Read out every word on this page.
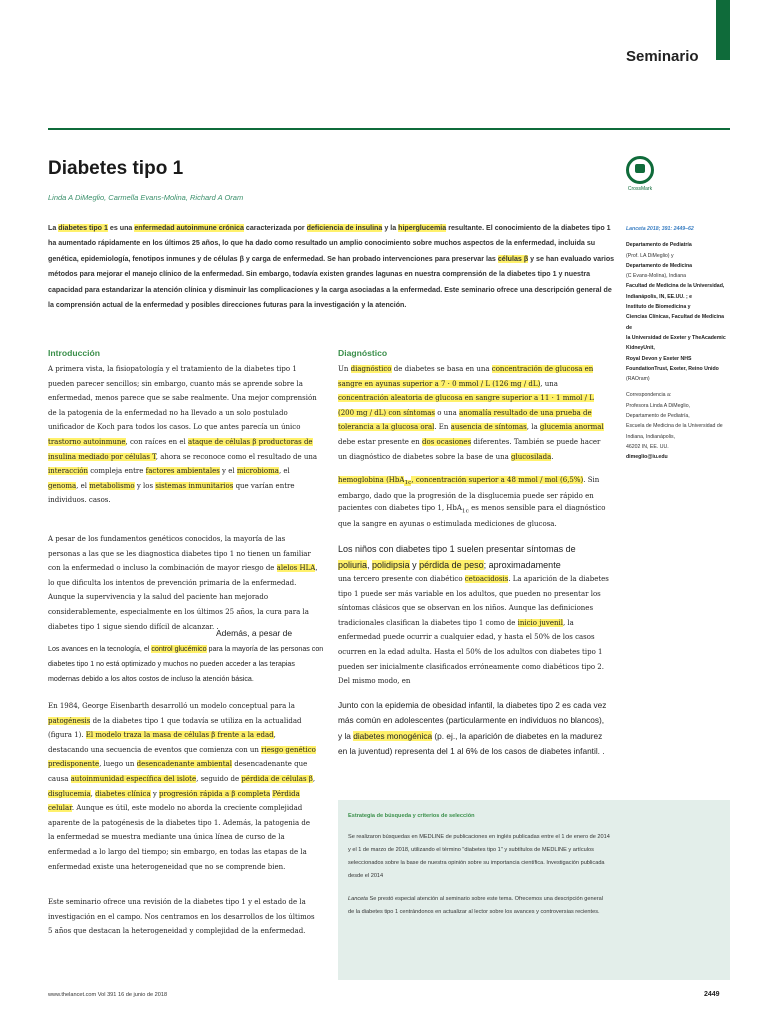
Seminario
Diabetes tipo 1
Linda A DiMeglio, Carmella Evans-Molina, Richard A Oram
CrossMark
La diabetes tipo 1 es una enfermedad autoinmune crónica caracterizada por deficiencia de insulina y la hiperglucemia resultante. El conocimiento de la diabetes tipo 1 ha aumentado rápidamente en los últimos 25 años, lo que ha dado como resultado un amplio conocimiento sobre muchos aspectos de la enfermedad, incluida su genética, epidemiología, fenotipos inmunes y de células β y carga de enfermedad. Se han probado intervenciones para preservar las células β y se han evaluado varios métodos para mejorar el manejo clínico de la enfermedad. Sin embargo, todavía existen grandes lagunas en nuestra comprensión de la diabetes tipo 1 y nuestra capacidad para estandarizar la atención clínica y disminuir las complicaciones y la carga asociadas a la enfermedad. Este seminario ofrece una descripción general de la comprensión actual de la enfermedad y posibles direcciones futuras para la investigación y la atención.
Lanceta 2018; 391: 2449–62
Departamento de Pediatría
(Prof. LA DiMeglio) y
Departamento de Medicina
(C Evans-Molina), Indiana
Facultad de Medicina de la Universidad,
Indianápolis, IN, EE.UU. ; e
Instituto de Biomedicina y
Ciencias Clínicas, Facultad de Medicina de
la Universidad de Exeter y TheAcademic
KidneyUnit,
Royal Devon y Exeter NHS
FoundationTrust, Exeter, Reino Unido
(RAOram)
Correspondencia a:
Profesora Linda A DiMeglio,
Departamento de Pediatría,
Escuela de Medicina de la Universidad de
Indiana, Indianápolis,
46202 IN, EE. UU.
dimeglio@iu.edu
Introducción
A primera vista, la fisiopatología y el tratamiento de la diabetes tipo 1 pueden parecer sencillos; sin embargo, cuanto más se aprende sobre la enfermedad, menos parece que se sabe realmente. Una mejor comprensión de la patogenia de la enfermedad no ha llevado a un solo postulado unificador de Koch para todos los casos. Lo que antes parecía un único trastorno autoinmune, con raíces en el ataque de células β productoras de insulina mediado por células T, ahora se reconoce como el resultado de una interacción compleja entre factores ambientales y el microbioma, el genoma, el metabolismo y los sistemas inmunitarios que varían entre individuos. casos.
A pesar de los fundamentos genéticos conocidos, la mayoría de las personas a las que se les diagnostica diabetes tipo 1 no tienen un familiar con la enfermedad o incluso la combinación de mayor riesgo de alelos HLA, lo que dificulta los intentos de prevención primaria de la enfermedad. Aunque la supervivencia y la salud del paciente han mejorado considerablemente, especialmente en los últimos 25 años, la cura para la diabetes tipo 1 sigue siendo difícil de alcanzar. .
Además, a pesar de
Los avances en la tecnología, el control glucémico para la mayoría de las personas con diabetes tipo 1 no está optimizado y muchos no pueden acceder a las terapias modernas debido a los altos costos de incluso la atención básica.
En 1984, George Eisenbarth desarrolló un modelo conceptual para la patogénesis de la diabetes tipo 1 que todavía se utiliza en la actualidad (figura 1). El modelo traza la masa de células β frente a la edad, destacando una secuencia de eventos que comienza con un riesgo genético predisponente, luego un desencadenante ambiental desencadenante que causa autoinmunidad específica del islote, seguido de pérdida de células β, disglucemia, diabetes clínica y progresión rápida a β completa Pérdida celular. Aunque es útil, este modelo no aborda la creciente complejidad aparente de la patogénesis de la diabetes tipo 1. Además, la patogenia de la enfermedad se muestra mediante una única línea de curso de la enfermedad a lo largo del tiempo; sin embargo, en todas las etapas de la enfermedad existe una heterogeneidad que no se comprende bien.
Este seminario ofrece una revisión de la diabetes tipo 1 y el estado de la investigación en el campo. Nos centramos en los desarrollos de los últimos 5 años que destacan la heterogeneidad y complejidad de la enfermedad.
Diagnóstico
Un diagnóstico de diabetes se basa en una concentración de glucosa en sangre en ayunas superior a 7 · 0 mmol / L (126 mg / dL), una concentración aleatoria de glucosa en sangre superior a 11 · 1 mmol / L (200 mg / dL) con síntomas o una anomalía resultado de una prueba de tolerancia a la glucosa oral. En ausencia de síntomas, la glucemia anormal debe estar presente en dos ocasiones diferentes. También se puede hacer un diagnóstico de diabetes sobre la base de una glucosilada.
hemoglobina (HbA$_{1c}$, concentración superior a 48 mmol / mol (6,5%). Sin embargo, dado que la progresión de la disglucemia puede ser rápido en pacientes con diabetes tipo 1, HbA$_{1c}$ es menos sensible para el diagnóstico que la sangre en ayunas o estimulada mediciones de glucosa.
Los niños con diabetes tipo 1 suelen presentar síntomas de poliuria, polidipsia y pérdida de peso; aproximadamente
una tercero presente con diabético cetoacidosis. La aparición de la diabetes tipo 1 puede ser más variable en los adultos, que pueden no presentar los síntomas clásicos que se observan en los niños. Aunque las definiciones tradicionales clasifican la diabetes tipo 1 como de inicio juvenil, la enfermedad puede ocurrir a cualquier edad, y hasta el 50% de los casos ocurren en la edad adulta. Hasta el 50% de los adultos con diabetes tipo 1 pueden ser inicialmente clasificados erróneamente como diabéticos tipo 2. Del mismo modo, en
Junto con la epidemia de obesidad infantil, la diabetes tipo 2 es cada vez más común en adolescentes (particularmente en individuos no blancos), y la diabetes monogénica (p. ej., la aparición de diabetes en la madurez en la juventud) representa del 1 al 6% de los casos de diabetes infantil. .
Estrategia de búsqueda y criterios de selección
Se realizaron búsquedas en MEDLINE de publicaciones en inglés publicadas entre el 1 de enero de 2014 y el 1 de marzo de 2018, utilizando el término "diabetes tipo 1" y subtítulos de MEDLINE y artículos seleccionados sobre la base de nuestra opinión sobre su importancia científica. Investigación publicada desde el 2014
Lanceta Se prestó especial atención al seminario sobre este tema. Ofrecemos una descripción general de la diabetes tipo 1 centrándonos en actualizar al lector sobre los avances y controversias recientes.
www.thelancet.com Vol 391 16 de junio de 2018	2449
